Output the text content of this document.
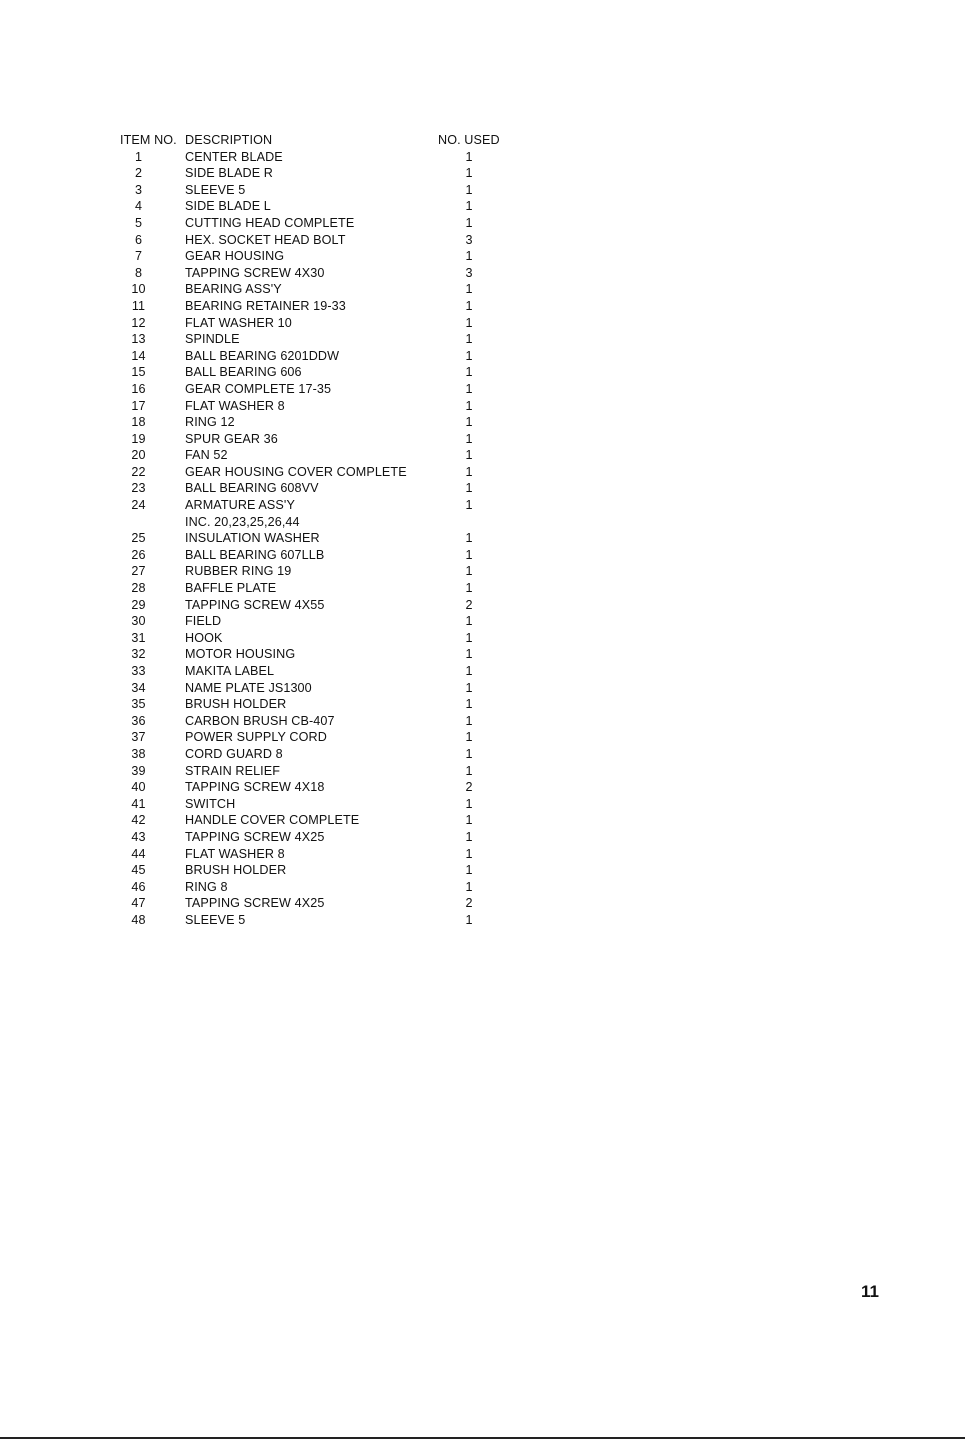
ITEM NO. DESCRIPTION	NO. USED
1	CENTER BLADE	1
2	SIDE BLADE R	1
3	SLEEVE 5	1
4	SIDE BLADE L	1
5	CUTTING HEAD COMPLETE	1
6	HEX. SOCKET HEAD BOLT	3
7	GEAR HOUSING	1
8	TAPPING SCREW 4X30	3
10	BEARING ASS'Y	1
11	BEARING RETAINER 19-33	1
12	FLAT WASHER 10	1
13	SPINDLE	1
14	BALL BEARING 6201DDW	1
15	BALL BEARING 606	1
16	GEAR COMPLETE 17-35	1
17	FLAT WASHER 8	1
18	RING 12	1
19	SPUR GEAR 36	1
20	FAN 52	1
22	GEAR HOUSING COVER COMPLETE	1
23	BALL BEARING 608VV	1
24	ARMATURE ASS'Y	1
INC. 20,23,25,26,44
25	INSULATION WASHER	1
26	BALL BEARING 607LLB	1
27	RUBBER RING 19	1
28	BAFFLE PLATE	1
29	TAPPING SCREW 4X55	2
30	FIELD	1
31	HOOK	1
32	MOTOR HOUSING	1
33	MAKITA LABEL	1
34	NAME PLATE JS1300	1
35	BRUSH HOLDER	1
36	CARBON BRUSH CB-407	1
37	POWER SUPPLY CORD	1
38	CORD GUARD 8	1
39	STRAIN RELIEF	1
40	TAPPING SCREW 4X18	2
41	SWITCH	1
42	HANDLE COVER COMPLETE	1
43	TAPPING SCREW 4X25	1
44	FLAT WASHER 8	1
45	BRUSH HOLDER	1
46	RING 8	1
47	TAPPING SCREW 4X25	2
48	SLEEVE 5	1
11
